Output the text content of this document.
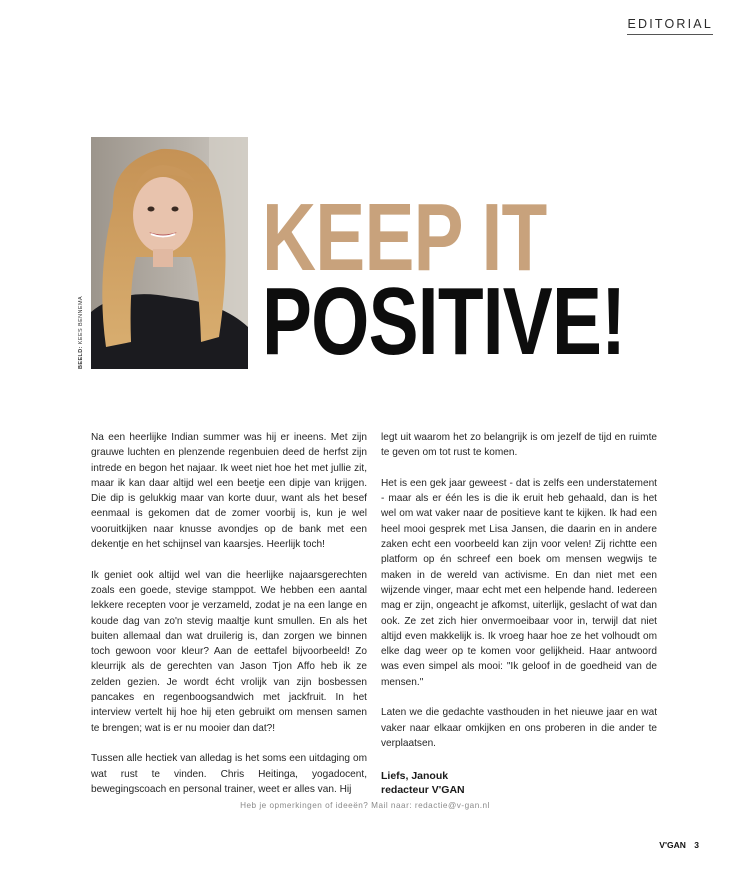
EDITORIAL
BEELD: KEES BENNEMA
KEEP IT
POSITIVE!

Na een heerlijke Indian summer was hij er ineens. Met zijn grauwe luchten en plenzende regenbuien deed de herfst zijn intrede en begon het najaar. Ik weet niet hoe het met jullie zit, maar ik kan daar altijd wel een beetje een dipje van krijgen. Die dip is gelukkig maar van korte duur, want als het besef eenmaal is gekomen dat de zomer voorbij is, kun je wel vooruitkijken naar knusse avondjes op de bank met een dekentje en het schijnsel van kaarsjes. Heerlijk toch!

Ik geniet ook altijd wel van die heerlijke najaarsgerechten zoals een goede, stevige stamppot. We hebben een aantal lekkere recepten voor je verzameld, zodat je na een lange en koude dag van zo'n stevig maaltje kunt smullen. En als het buiten allemaal dan wat druilerig is, dan zorgen we binnen toch gewoon voor kleur? Aan de eettafel bijvoorbeeld! Zo kleurrijk als de gerechten van Jason Tjon Affo heb ik ze zelden gezien. Je wordt écht vrolijk van zijn bosbessen pancakes en regenboogsandwich met jackfruit. In het interview vertelt hij hoe hij eten gebruikt om mensen samen te brengen; wat is er nu mooier dan dat?!

Tussen alle hectiek van alledag is het soms een uitdaging om wat rust te vinden. Chris Heitinga, yogadocent, bewegingscoach en personal trainer, weet er alles van. Hij

legt uit waarom het zo belangrijk is om jezelf de tijd en ruimte te geven om tot rust te komen.

Het is een gek jaar geweest - dat is zelfs een understatement - maar als er één les is die ik eruit heb gehaald, dan is het wel om wat vaker naar de positieve kant te kijken. Ik had een heel mooi gesprek met Lisa Jansen, die daarin en in andere zaken echt een voorbeeld kan zijn voor velen! Zij richtte een platform op én schreef een boek om mensen wegwijs te maken in de wereld van activisme. En dan niet met een wijzende vinger, maar echt met een helpende hand. Iedereen mag er zijn, ongeacht je afkomst, uiterlijk, geslacht of wat dan ook. Ze zet zich hier onvermoeibaar voor in, terwijl dat niet altijd even makkelijk is. Ik vroeg haar hoe ze het volhoudt om elke dag weer op te komen voor gelijkheid. Haar antwoord was even simpel als mooi: "Ik geloof in de goedheid van de mensen."

Laten we die gedachte vasthouden in het nieuwe jaar en wat vaker naar elkaar omkijken en ons proberen in die ander te verplaatsen.

Liefs, Janouk
redacteur V'GAN
Heb je opmerkingen of ideeën? Mail naar: redactie@v-gan.nl
V'GAN 3
